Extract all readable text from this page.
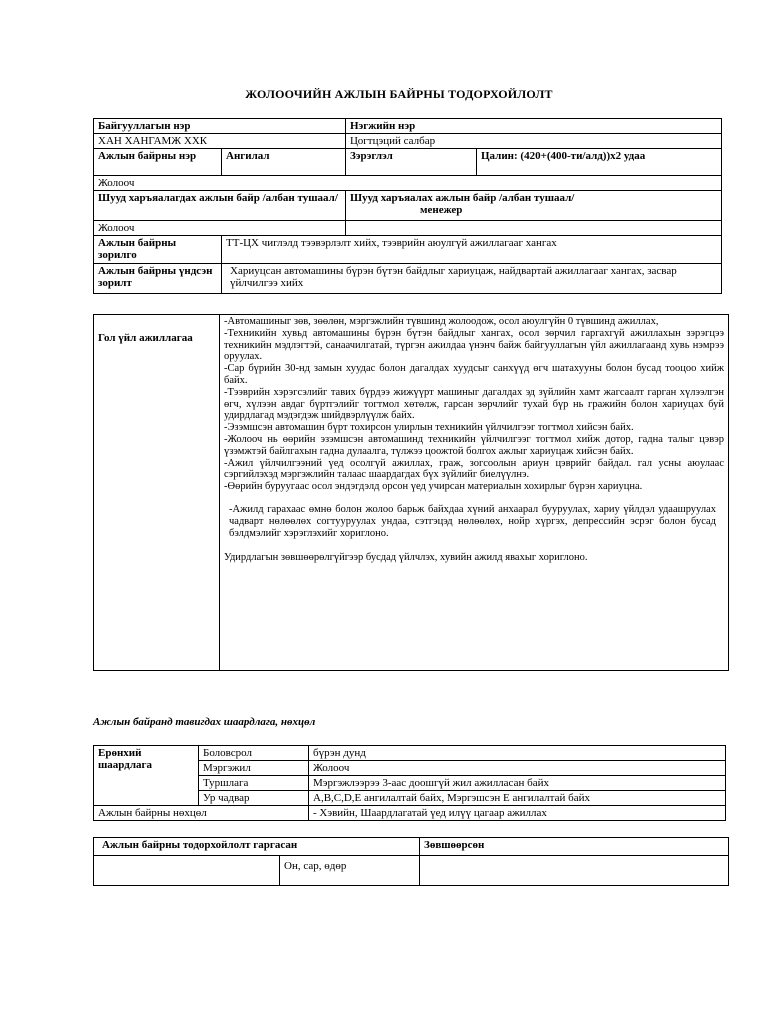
ЖОЛООЧИЙН АЖЛЫН БАЙРНЫ ТОДОРХОЙЛОЛТ
Байгууллагын нэр		Нэгжийн нэр	
ХАН ХАНГАМЖ ХХК		Цогтцэций салбар	
Ажлын байрны нэр	Ангилал	Зэрэглэл	Цалин: (420+(400-ти/алд))x2 удаа
Жолооч			
Шууд харъяалагдах ажлын байр /албан тушаал/		Шууд харъяалах ажлын байр /албан тушаал/
менежер	

Жолооч			
Ажлын байрны зорилго	ТТ-ЦХ чиглэлд тээвэрлэлт хийх, тээврийн аюулгүй ажиллагааг хангах		
Ажлын байрны үндсэн зорилт	Хариуцсан автомашины бүрэн бүтэн байдлыг хариуцаж, найдвартай ажиллагааг хангах, засвар үйлчилгээ хийх		
Гол үйл ажиллагаа	
-Автомашиныг зөв, зөөлөн, мэргэжлийн түвшинд жолоодож, осол аюулгүйн 0 түвшинд ажиллах,
-Техникийн хувьд автомашины бүрэн бүтэн байдлыг хангах, осол зөрчил гаргахгүй ажиллахын зэрэгцээ техникийн мэдлэгтэй, санаачилгатай, түргэн ажилдаа үнэнч байж байгууллагын үйл ажиллагаанд хувь нэмрээ оруулах.
-Сар бүрийн 30-нд замын хуудас болон дагалдах хуудсыг санхүүд өгч шатахууны болон бусад тооцоо хийж байх.
-Тээврийн хэрэгсэлийг тавих бүрдээ жижүүрт машиныг дагалдах эд зүйлийн хамт жагсаалт гарган хүлээлгэн өгч, хүлээн авдаг бүртгэлийг тогтмол хөтөлж, гарсан зөрчлийг тухай бүр нь гражийн болон хариуцах буй удирдлагад мэдэгдэж шийдвэрлүүлж байх.
-Эзэмшсэн автомашин бүрт тохирсон улирлын техникийн үйлчилгээг тогтмол хийсэн байх.
-Жолооч нь өөрийн эзэмшсэн автомашинд техникийн үйлчилгээг тогтмол хийж дотор, гадна талыг цэвэр үзэмжтэй байлгахын гадна дулаалга, түлжээ цоожтой болгох ажлыг хариуцаж хийсэн байх.
-Ажил үйлчилгээний үед осолгүй ажиллах, граж, зогсоолын ариун цэврийг байдал. гал усны аюулаас сэргийлэхэд мэргэжлийн талаас шаардагдах бүх зүйлийг биелүүлнэ.
-Өөрийн буруугаас осол эндэгдэлд орсон үед учирсан материалын хохирлыг бүрэн хариуцна.
-Ажилд гарахаас өмнө болон жолоо барьж байхдаа хүний анхаарал бууруулах, хариу үйлдэл удаашруулах чадварт нөлөөлөх согтууруулах ундаа, сэтгэцэд нөлөөлөх, нойр хүргэх, депрессийн эсрэг болон бусад бэлдмэлийг хэрэглэхийг хориглоно.
Удирдлагын зөвшөөрөлгүйгээр бусдад үйлчлэх, хувийн ажилд явахыг хориглоно.
Ажлын байранд тавигдах шаардлага, нөхцөл
Ерөнхий шаардлага	Боловсрол	бүрэн дунд
	Мэргэжил	Жолооч
	Туршлага	Мэргэжлээрээ 3-аас доошгүй жил ажилласан байх
	Ур чадвар	A,B,C,D,E ангилалтай байх, Мэргэшсэн E ангилалтай байх
Ажлын байрны нөхцөл		- Хэвийн, Шаардлагатай үед илүү цагаар ажиллах
Ажлын байрны тодорхойлолт гаргасан		Зөвшөөрсөн
	Он, сар, өдөр	
